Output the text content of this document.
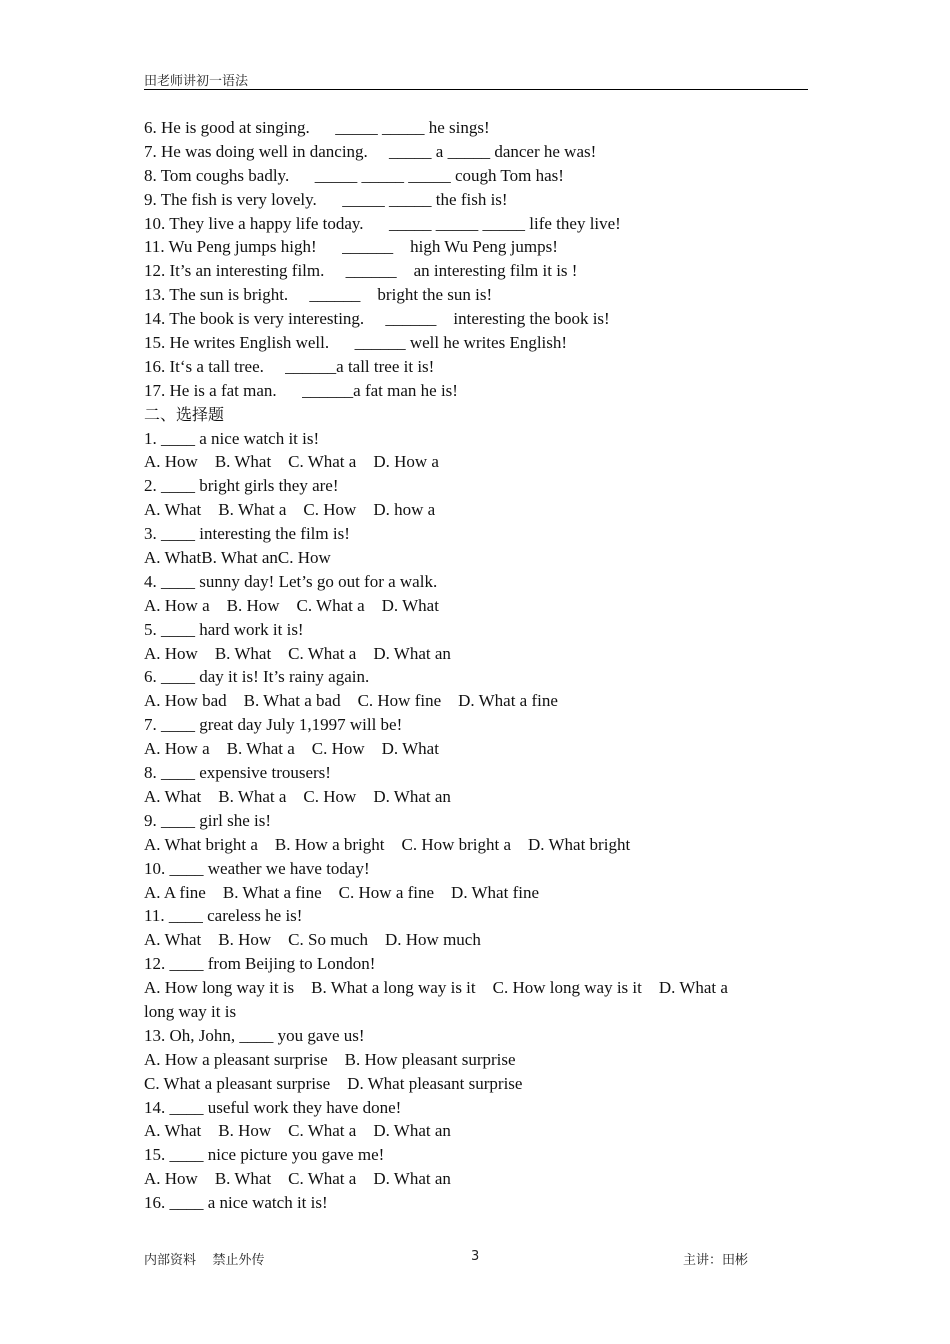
田老师讲初一语法
6. He is good at singing.      _____ _____ he sings!
7. He was doing well in dancing.     _____ a _____ dancer he was!
8. Tom coughs badly.      _____ _____ _____ cough Tom has!
9. The fish is very lovely.      _____ _____ the fish is!
10. They live a happy life today.      _____ _____ _____ life they live!
11. Wu Peng jumps high!      ______    high Wu Peng jumps!
12. It’s an interesting film.     ______    an interesting film it is !
13. The sun is bright.     ______    bright the sun is!
14. The book is very interesting.     ______    interesting the book is!
15. He writes English well.      ______ well he writes English!
16. It‘s a tall tree.     ______a tall tree it is!
17. He is a fat man.      ______a fat man he is!
二、选择题
1. ____ a nice watch it is!
A. How    B. What    C. What a    D. How a
2. ____ bright girls they are!
A. What    B. What a    C. How    D. how a
3. ____ interesting the film is!
A. WhatB. What anC. How
4. ____ sunny day! Let’s go out for a walk.
A. How a    B. How    C. What a    D. What
5. ____ hard work it is!
A. How    B. What    C. What a    D. What an
6. ____ day it is! It’s rainy again.
A. How bad    B. What a bad    C. How fine    D. What a fine
7. ____ great day July 1,1997 will be!
A. How a    B. What a    C. How    D. What
8. ____ expensive trousers!
A. What    B. What a    C. How    D. What an
9. ____ girl she is!
A. What bright a    B. How a bright    C. How bright a    D. What bright
10. ____ weather we have today!
A. A fine    B. What a fine    C. How a fine    D. What fine
11. ____ careless he is!
A. What    B. How    C. So much    D. How much
12. ____ from Beijing to London!
A. How long way it is    B. What a long way is it    C. How long way is it    D. What a
long way it is
13. Oh, John, ____ you gave us!
A. How a pleasant surprise    B. How pleasant surprise
C. What a pleasant surprise    D. What pleasant surprise
14. ____ useful work they have done!
A. What    B. How    C. What a    D. What an
15. ____ nice picture you gave me!
A. How    B. What    C. What a    D. What an
16. ____ a nice watch it is!
内部资料    禁止外传	3	主讲：田彬
